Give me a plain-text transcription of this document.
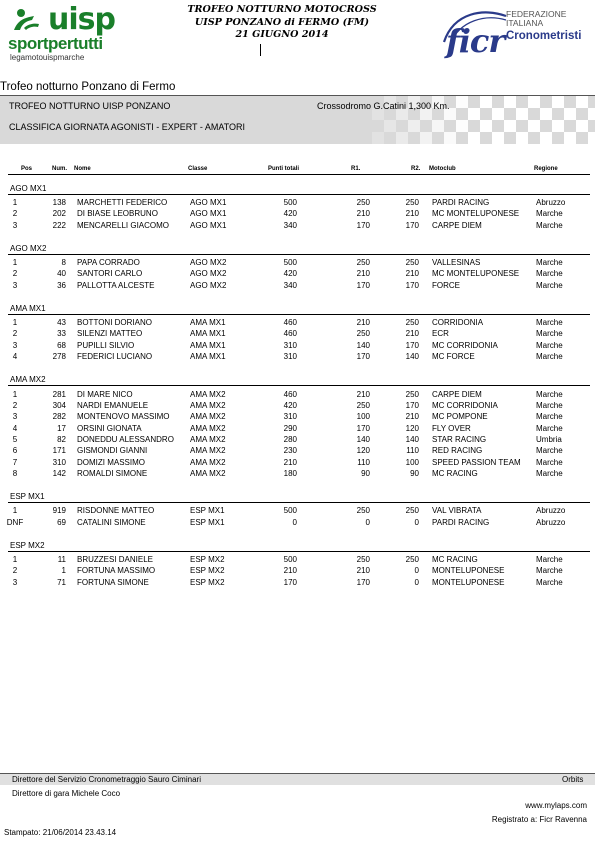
uisp
sportpertutti
legamotouispmarche
TROFEO NOTTURNO MOTOCROSS
UISP PONZANO di FERMO (FM)
21 GIUGNO 2014	ficr
FEDERAZIONE ITALIANA
Cronometristi
Trofeo notturno Ponzano di Fermo
TROFEO NOTTURNO UISP PONZANO	Crossodromo G.Catini 1,300 Km.
CLASSIFICA GIORNATA AGONISTI - EXPERT - AMATORI
Pos	Num. Nome	Classe	Punti totali	R1.	R2. Motoclub	Regione
AGO MX1
1	138 MARCHETTI FEDERICO	AGO MX1	500	250	250 PARDI RACING	Abruzzo
2	202 DI BIASE LEOBRUNO	AGO MX1	420	210	210 MC MONTELUPONESE	Marche
3	222 MENCARELLI GIACOMO	AGO MX1	340	170	170 CARPE DIEM	Marche
AGO MX2
1	8 PAPA CORRADO	AGO MX2	500	250	250 VALLESINAS	Marche
2	40 SANTORI CARLO	AGO MX2	420	210	210 MC MONTELUPONESE	Marche
3	36 PALLOTTA ALCESTE	AGO MX2	340	170	170 FORCE	Marche
AMA MX1
1	43 BOTTONI DORIANO	AMA MX1	460	210	250 CORRIDONIA	Marche
2	33 SILENZI MATTEO	AMA MX1	460	250	210 ECR	Marche
3	68 PUPILLI SILVIO	AMA MX1	310	140	170 MC CORRIDONIA	Marche
4	278 FEDERICI LUCIANO	AMA MX1	310	170	140 MC FORCE	Marche
AMA MX2
1	281 DI MARE NICO	AMA MX2	460	210	250 CARPE DIEM	Marche
2	304 NARDI EMANUELE	AMA MX2	420	250	170 MC CORRIDONIA	Marche
3	282 MONTENOVO MASSIMO	AMA MX2	310	100	210 MC POMPONE	Marche
4	17 ORSINI GIONATA	AMA MX2	290	170	120 FLY OVER	Marche
5	82 DONEDDU ALESSANDRO	AMA MX2	280	140	140 STAR RACING	Umbria
6	171 GISMONDI GIANNI	AMA MX2	230	120	110 RED RACING	Marche
7	310 DOMIZI MASSIMO	AMA MX2	210	110	100 SPEED PASSION TEAM	Marche
8	142 ROMALDI SIMONE	AMA MX2	180	90	90 MC RACING	Marche
ESP MX1
1	919 RISDONNE MATTEO	ESP MX1	500	250	250 VAL VIBRATA	Abruzzo
DNF	69 CATALINI SIMONE	ESP MX1	0	0	0 PARDI RACING	Abruzzo
ESP MX2
1	11 BRUZZESI DANIELE	ESP MX2	500	250	250 MC RACING	Marche
2	1 FORTUNA MASSIMO	ESP MX2	210	210	0 MONTELUPONESE	Marche
3	71 FORTUNA SIMONE	ESP MX2	170	170	0 MONTELUPONESE	Marche
Direttore del Servizio Cronometraggio Sauro Ciminari	Orbits
Direttore di gara Michele Coco
www.mylaps.com
Registrato a: Ficr Ravenna
Stampato: 21/06/2014 23.43.14
